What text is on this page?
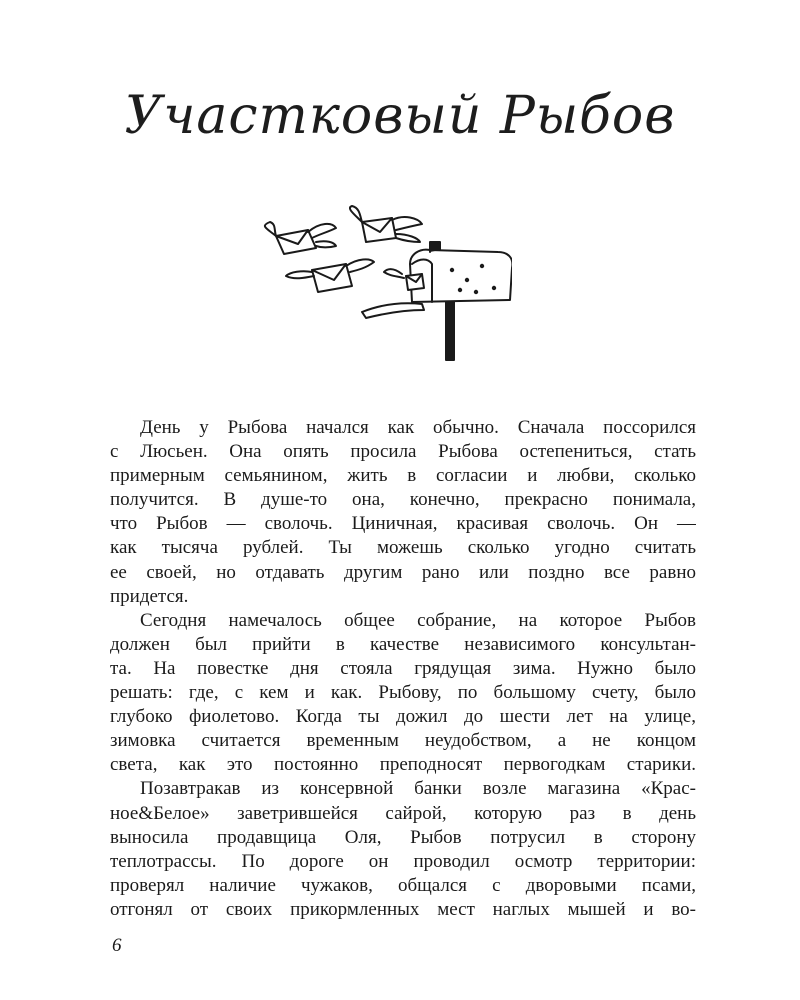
Участковый Рыбов
День у Рыбова начался как обычно. Сначала поссорился
с Люсьен. Она опять просила Рыбова остепениться, стать
примерным семьянином, жить в согласии и любви, сколько
получится. В душе-то она, конечно, прекрасно понимала,
что Рыбов — сволочь. Циничная, красивая сволочь. Он —
как тысяча рублей. Ты можешь сколько угодно считать
ее своей, но отдавать другим рано или поздно все равно
придется.
Сегодня намечалось общее собрание, на которое Рыбов
должен был прийти в качестве независимого консультан-
та. На повестке дня стояла грядущая зима. Нужно было
решать: где, с кем и как. Рыбову, по большому счету, было
глубоко фиолетово. Когда ты дожил до шести лет на улице,
зимовка считается временным неудобством, а не концом
света, как это постоянно преподносят первогодкам старики.
Позавтракав из консервной банки возле магазина «Крас-
ное&Белое» заветрившейся сайрой, которую раз в день
выносила продавщица Оля, Рыбов потрусил в сторону
теплотрассы. По дороге он проводил осмотр территории:
проверял наличие чужаков, общался с дворовыми псами,
отгонял от своих прикормленных мест наглых мышей и во-
6
